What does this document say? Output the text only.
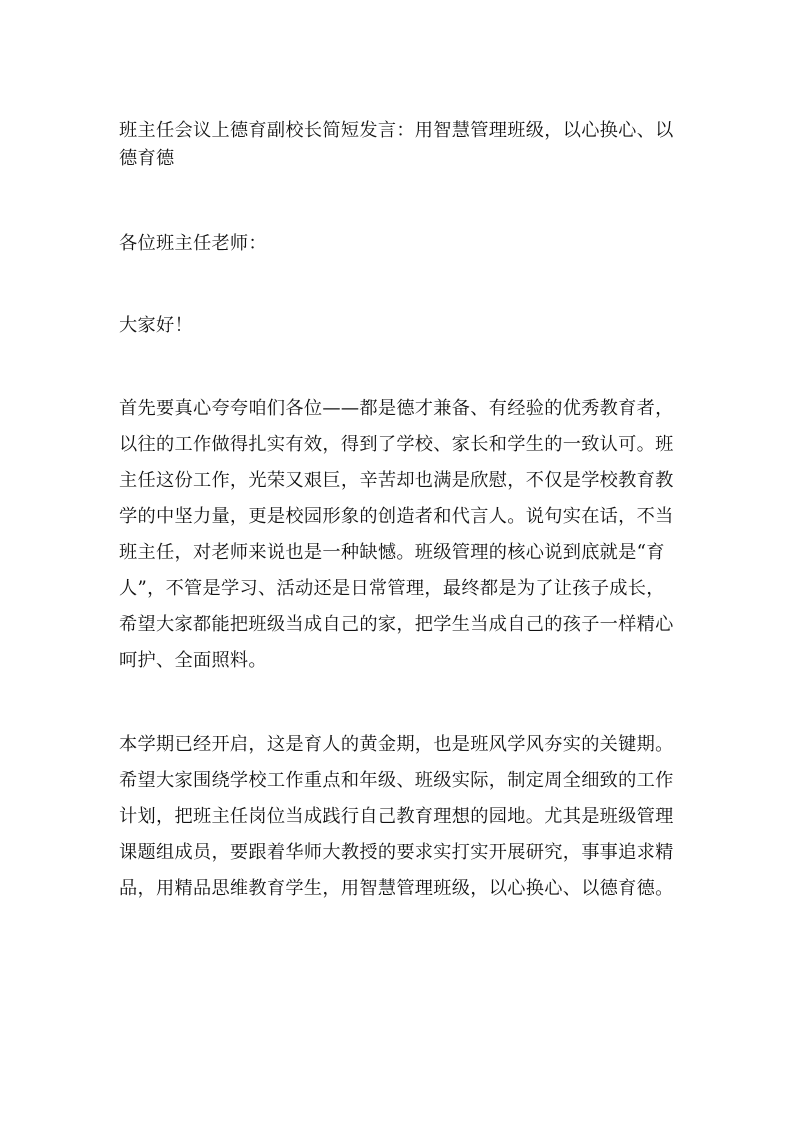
班主任会议上德育副校长简短发言：用智慧管理班级，以心换心、以
德育德
各位班主任老师：
大家好！
首先要真心夸夸咱们各位——都是德才兼备、有经验的优秀教育者，
以往的工作做得扎实有效，得到了学校、家长和学生的一致认可。班
主任这份工作，光荣又艰巨，辛苦却也满是欣慰，不仅是学校教育教
学的中坚力量，更是校园形象的创造者和代言人。说句实在话，不当
班主任，对老师来说也是一种缺憾。班级管理的核心说到底就是“育
人”，不管是学习、活动还是日常管理，最终都是为了让孩子成长，
希望大家都能把班级当成自己的家，把学生当成自己的孩子一样精心
呵护、全面照料。
本学期已经开启，这是育人的黄金期，也是班风学风夯实的关键期。
希望大家围绕学校工作重点和年级、班级实际，制定周全细致的工作
计划，把班主任岗位当成践行自己教育理想的园地。尤其是班级管理
课题组成员，要跟着华师大教授的要求实打实开展研究，事事追求精
品，用精品思维教育学生，用智慧管理班级，以心换心、以德育德。
